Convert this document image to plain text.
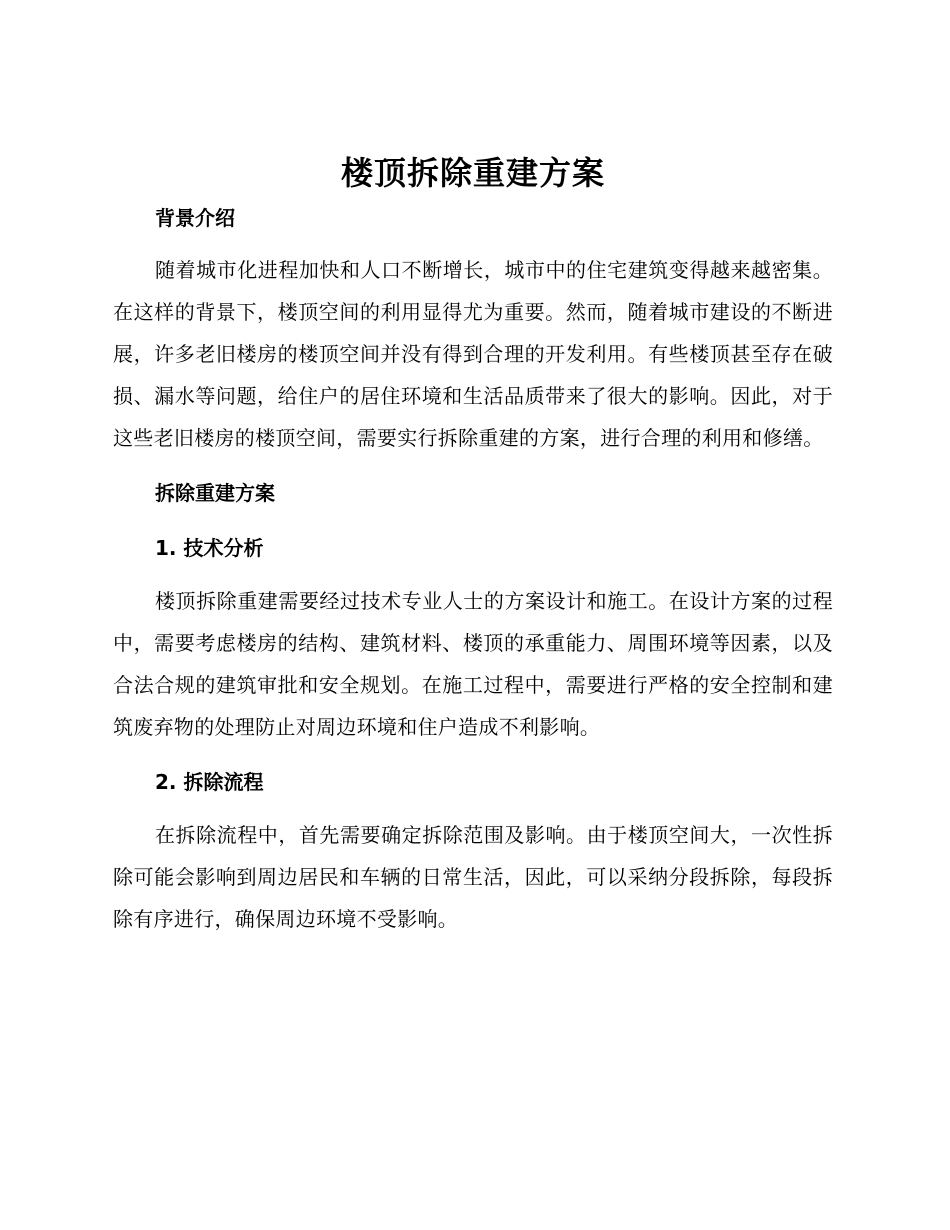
楼顶拆除重建方案
背景介绍

随着城市化进程加快和人口不断增长，城市中的住宅建筑变得越来越密集。在这样的背景下，楼顶空间的利用显得尤为重要。然而，随着城市建设的不断进展，许多老旧楼房的楼顶空间并没有得到合理的开发利用。有些楼顶甚至存在破损、漏水等问题，给住户的居住环境和生活品质带来了很大的影响。因此，对于这些老旧楼房的楼顶空间，需要实行拆除重建的方案，进行合理的利用和修缮。

拆除重建方案
1. 技术分析

楼顶拆除重建需要经过技术专业人士的方案设计和施工。在设计方案的过程中，需要考虑楼房的结构、建筑材料、楼顶的承重能力、周围环境等因素，以及合法合规的建筑审批和安全规划。在施工过程中，需要进行严格的安全控制和建筑废弃物的处理防止对周边环境和住户造成不利影响。

2. 拆除流程

在拆除流程中，首先需要确定拆除范围及影响。由于楼顶空间大，一次性拆除可能会影响到周边居民和车辆的日常生活，因此，可以采纳分段拆除，每段拆除有序进行，确保周边环境不受影响。
